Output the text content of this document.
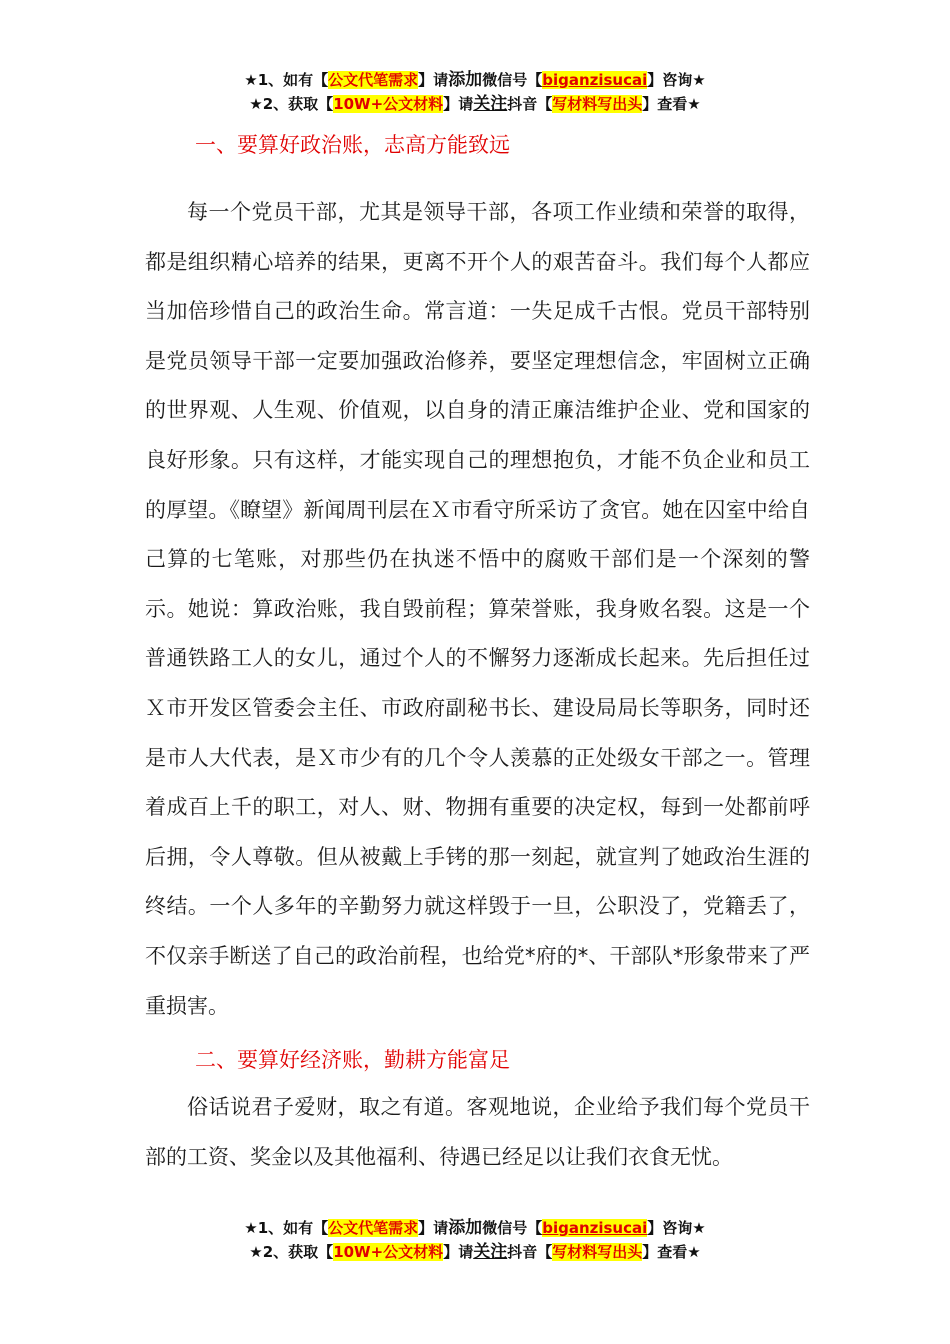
★1、如有【公文代笔需求】请添加微信号【biganzisucai】咨询★
★2、获取【10W+公文材料】请关注抖音【写材料写出头】查看★
一、要算好政治账，志高方能致远

每一个党员干部，尤其是领导干部，各项工作业绩和荣誉的取得，都是组织精心培养的结果，更离不开个人的艰苦奋斗。我们每个人都应当加倍珍惜自己的政治生命。常言道：一失足成千古恨。党员干部特别是党员领导干部一定要加强政治修养，要坚定理想信念，牢固树立正确的世界观、人生观、价值观，以自身的清正廉洁维护企业、党和国家的良好形象。只有这样，才能实现自己的理想抱负，才能不负企业和员工的厚望。《瞭望》新闻周刊层在Ｘ市看守所采访了贪官。她在囚室中给自己算的七笔账，对那些仍在执迷不悟中的腐败干部们是一个深刻的警示。她说：算政治账，我自毁前程；算荣誉账，我身败名裂。这是一个普通铁路工人的女儿，通过个人的不懈努力逐渐成长起来。先后担任过Ｘ市开发区管委会主任、市政府副秘书长、建设局局长等职务，同时还是市人大代表，是Ｘ市少有的几个令人羡慕的正处级女干部之一。管理着成百上千的职工，对人、财、物拥有重要的决定权，每到一处都前呼后拥，令人尊敬。但从被戴上手铐的那一刻起，就宣判了她政治生涯的终结。一个人多年的辛勤努力就这样毁于一旦，公职没了，党籍丢了，不仅亲手断送了自己的政治前程，也给党*府的*、干部队*形象带来了严重损害。

二、要算好经济账，勤耕方能富足

俗话说君子爱财，取之有道。客观地说，企业给予我们每个党员干部的工资、奖金以及其他福利、待遇已经足以让我们衣食无忧。

★1、如有【公文代笔需求】请添加微信号【biganzisucai】咨询★
★2、获取【10W+公文材料】请关注抖音【写材料写出头】查看★
